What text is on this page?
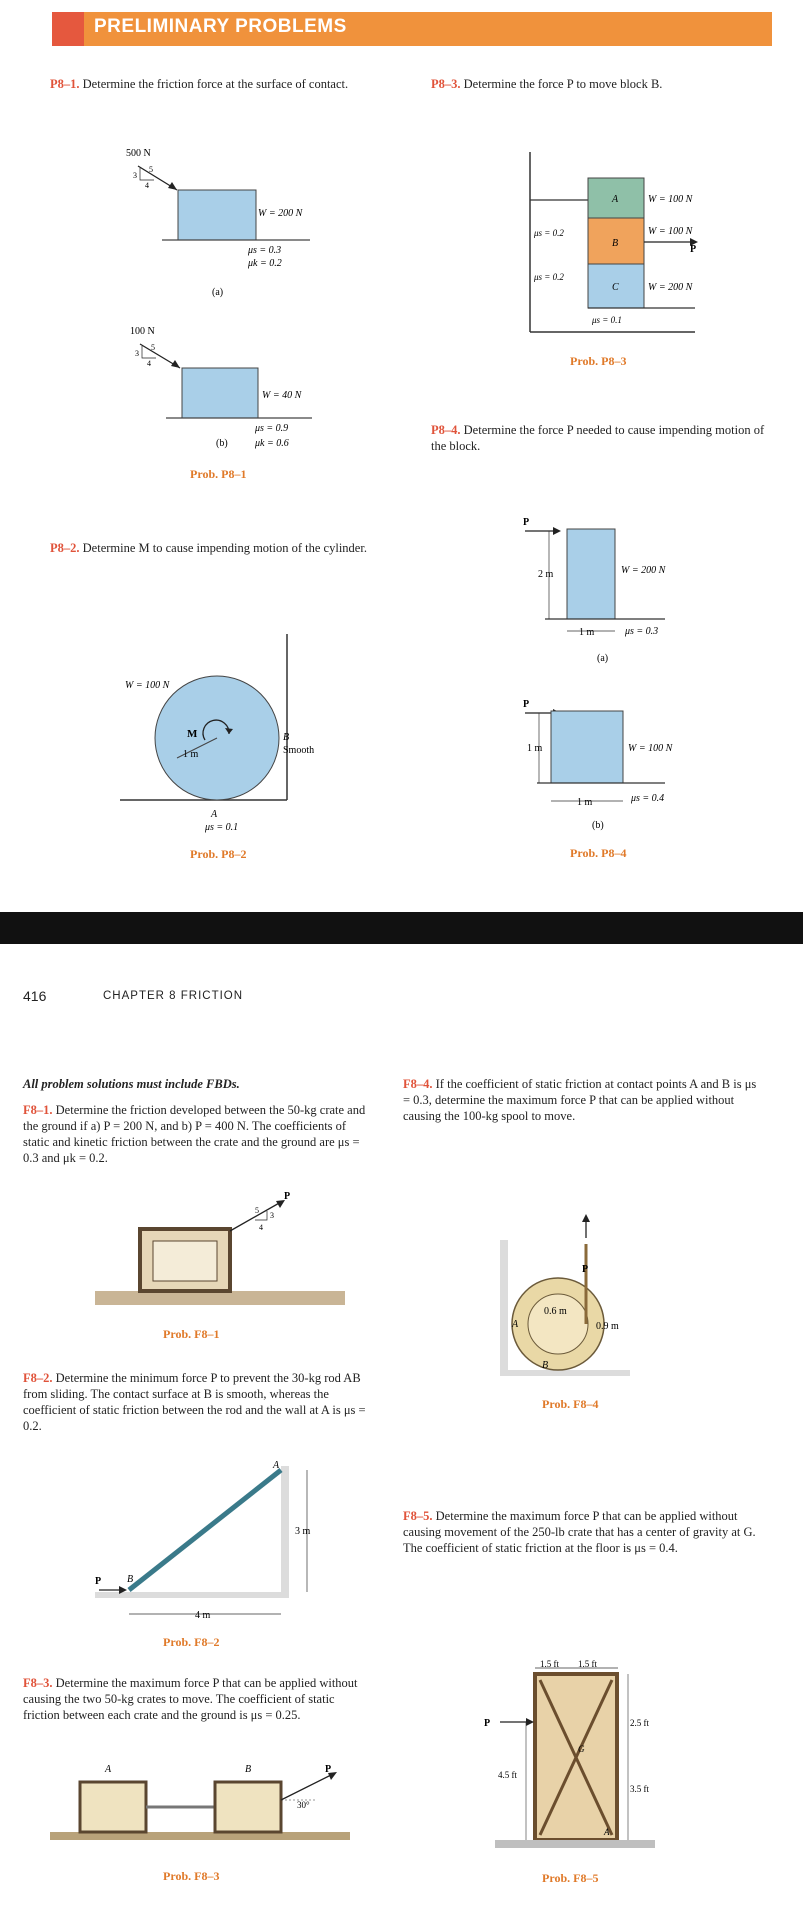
PRELIMINARY PROBLEMS
P8–1. Determine the friction force at the surface of contact.	P8–3. Determine the force P to move block B.
500 N
3
4
5
W = 200 N
μs = 0.3
μk = 0.2
(a)
100 N
3
4
5
W = 40 N
μs = 0.9
(b)	μk = 0.6
Prob. P8–1
A
B
C
W = 100 N
W = 100 N
W = 200 N
P
μs = 0.2
μs = 0.2
μs = 0.1
Prob. P8–3
P8–4. Determine the force P needed to cause impending motion of the block.
P8–2. Determine M to cause impending motion of the cylinder.
M
1 m
W = 100 N
B
Smooth
A
μs = 0.1
Prob. P8–2
P
2 m	W = 200 N
1 m	μs = 0.3
(a)
P
1 m	W = 100 N
1 m	μs = 0.4
(b)
Prob. P8–4
416	CHAPTER 8 FRICTION
All problem solutions must include FBDs.
F8–1. Determine the friction developed between the 50-kg crate and the ground if a) P = 200 N, and b) P = 400 N. The coefficients of static and kinetic friction between the crate and the ground are μs = 0.3 and μk = 0.2.
P
5
3
4
Prob. F8–1
F8–2. Determine the minimum force P to prevent the 30-kg rod AB from sliding. The contact surface at B is smooth, whereas the coefficient of static friction between the rod and the wall at A is μs = 0.2.
A
B
P
3 m
4 m
Prob. F8–2
F8–3. Determine the maximum force P that can be applied without causing the two 50-kg crates to move. The coefficient of static friction between each crate and the ground is μs = 0.25.
A	B	P
30°
Prob. F8–3
F8–4. If the coefficient of static friction at contact points A and B is μs = 0.3, determine the maximum force P that can be applied without causing the 100-kg spool to move.
P
A
B
0.6 m
0.9 m
Prob. F8–4
F8–5. Determine the maximum force P that can be applied without causing movement of the 250-lb crate that has a center of gravity at G. The coefficient of static friction at the floor is μs = 0.4.
1.5 ft 1.5 ft
G
A
P
4.5 ft
2.5 ft
3.5 ft
Prob. F8–5
